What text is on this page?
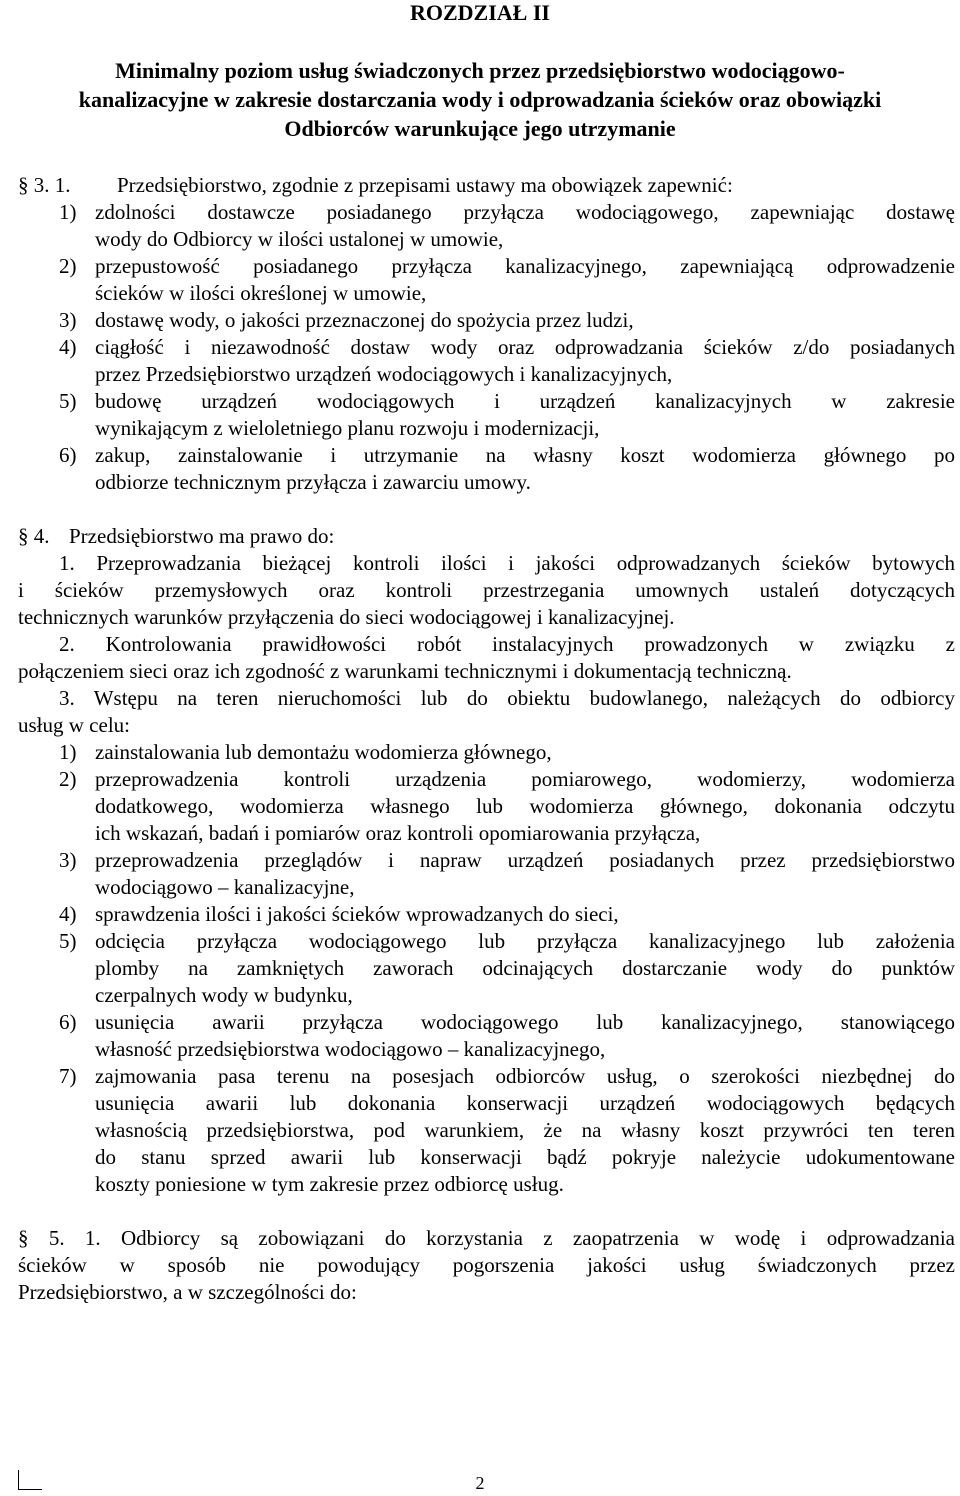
ROZDZIAŁ II
Minimalny poziom usług świadczonych przez przedsiębiorstwo wodociągowo-
kanalizacyjne w zakresie dostarczania wody i odprowadzania ścieków oraz obowiązki
Odbiorców warunkujące jego utrzymanie
§ 3. 1. Przedsiębiorstwo, zgodnie z przepisami ustawy ma obowiązek zapewnić:
1) zdolności dostawcze posiadanego przyłącza wodociągowego, zapewniając dostawę
wody do Odbiorcy w ilości ustalonej w umowie,
2) przepustowość posiadanego przyłącza kanalizacyjnego, zapewniającą odprowadzenie
ścieków w ilości określonej w umowie,
3) dostawę wody, o jakości przeznaczonej do spożycia przez ludzi,
4) ciągłość i niezawodność dostaw wody oraz odprowadzania ścieków z/do posiadanych
przez Przedsiębiorstwo urządzeń wodociągowych i kanalizacyjnych,
5) budowę urządzeń wodociągowych i urządzeń kanalizacyjnych w zakresie
wynikającym z wieloletniego planu rozwoju i modernizacji,
6) zakup, zainstalowanie i utrzymanie na własny koszt wodomierza głównego po
odbiorze technicznym przyłącza i zawarciu umowy.
§ 4. Przedsiębiorstwo ma prawo do:
1. Przeprowadzania bieżącej kontroli ilości i jakości odprowadzanych ścieków bytowych
i ścieków przemysłowych oraz kontroli przestrzegania umownych ustaleń dotyczących
technicznych warunków przyłączenia do sieci wodociągowej i kanalizacyjnej.
2. Kontrolowania prawidłowości robót instalacyjnych prowadzonych w związku z
połączeniem sieci oraz ich zgodność z warunkami technicznymi i dokumentacją techniczną.
3. Wstępu na teren nieruchomości lub do obiektu budowlanego, należących do odbiorcy
usług w celu:
1) zainstalowania lub demontażu wodomierza głównego,
2) przeprowadzenia kontroli urządzenia pomiarowego, wodomierzy, wodomierza
dodatkowego, wodomierza własnego lub wodomierza głównego, dokonania odczytu
ich wskazań, badań i pomiarów oraz kontroli opomiarowania przyłącza,
3) przeprowadzenia przeglądów i napraw urządzeń posiadanych przez przedsiębiorstwo
wodociągowo – kanalizacyjne,
4) sprawdzenia ilości i jakości ścieków wprowadzanych do sieci,
5) odcięcia przyłącza wodociągowego lub przyłącza kanalizacyjnego lub założenia
plomby na zamkniętych zaworach odcinających dostarczanie wody do punktów
czerpalnych wody w budynku,
6) usunięcia awarii przyłącza wodociągowego lub kanalizacyjnego, stanowiącego
własność przedsiębiorstwa wodociągowo – kanalizacyjnego,
7) zajmowania pasa terenu na posesjach odbiorców usług, o szerokości niezbędnej do
usunięcia awarii lub dokonania konserwacji urządzeń wodociągowych będących
własnością przedsiębiorstwa, pod warunkiem, że na własny koszt przywróci ten teren
do stanu sprzed awarii lub konserwacji bądź pokryje należycie udokumentowane
koszty poniesione w tym zakresie przez odbiorcę usług.
§ 5. 1. Odbiorcy są zobowiązani do korzystania z zaopatrzenia w wodę i odprowadzania
ścieków w sposób nie powodujący pogorszenia jakości usług świadczonych przez
Przedsiębiorstwo, a w szczególności do:
2
